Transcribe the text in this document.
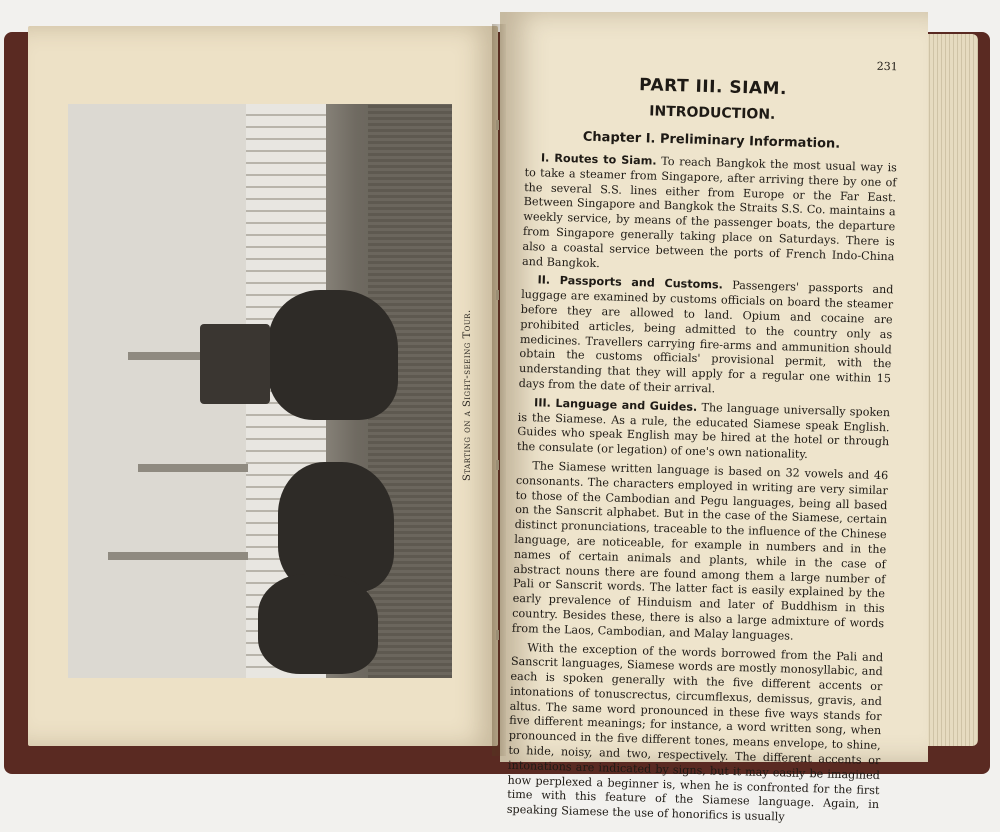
Starting on a Sight-seeing Tour.
231
PART III. SIAM.
INTRODUCTION.
Chapter I. Preliminary Information.

I. Routes to Siam. To reach Bangkok the most usual way is to take a steamer from Singapore, after arriving there by one of the several S.S. lines either from Europe or the Far East. Between Singapore and Bangkok the Straits S.S. Co. maintains a weekly service, by means of the passenger boats, the departure from Singapore generally taking place on Saturdays. There is also a coastal service between the ports of French Indo-China and Bangkok.

II. Passports and Customs. Passengers' passports and luggage are examined by customs officials on board the steamer before they are allowed to land. Opium and cocaine are prohibited articles, being admitted to the country only as medicines. Travellers carrying fire-arms and ammunition should obtain the customs officials' provisional permit, with the understanding that they will apply for a regular one within 15 days from the date of their arrival.

III. Language and Guides. The language universally spoken is the Siamese. As a rule, the educated Siamese speak English. Guides who speak English may be hired at the hotel or through the consulate (or legation) of one's own nationality.

The Siamese written language is based on 32 vowels and 46 consonants. The characters employed in writing are very similar to those of the Cambodian and Pegu languages, being all based on the Sanscrit alphabet. But in the case of the Siamese, certain distinct pronunciations, traceable to the influence of the Chinese language, are noticeable, for example in numbers and in the names of certain animals and plants, while in the case of abstract nouns there are found among them a large number of Pali or Sanscrit words. The latter fact is easily explained by the early prevalence of Hinduism and later of Buddhism in this country. Besides these, there is also a large admixture of words from the Laos, Cambodian, and Malay languages.

With the exception of the words borrowed from the Pali and Sanscrit languages, Siamese words are mostly monosyllabic, and each is spoken generally with the five different accents or intonations of tonuscrectus, circumflexus, demissus, gravis, and altus. The same word pronounced in these five ways stands for five different meanings; for instance, a word written song, when pronounced in the five different tones, means envelope, to shine, to hide, noisy, and two, respectively. The different accents or intonations are indicated by signs, but it may easily be imagined how perplexed a beginner is, when he is confronted for the first time with this feature of the Siamese language. Again, in speaking Siamese the use of honorifics is usually
